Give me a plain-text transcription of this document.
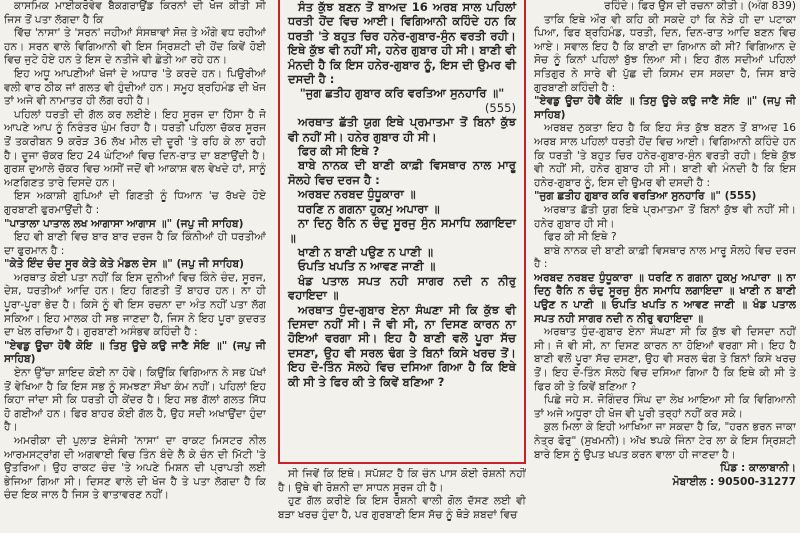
ਕਾਸਮਿਕ ਮਾਈਕਰੋਵੇਵ ਬੈਕਗਰਾਉਂਡ ਕਿਰਨਾਂ ਦੀ ਖੋਜ ਕੀਤੀ ਸੀ ਜਿਸ ਤੋਂ ਪਤਾ ਲੱਗਦਾ ਹੈ ਕਿ

ਵਿੱਚ 'ਨਾਸਾ' ਤੇ 'ਸਰਨ' ਜਹੀਆਂ ਸੰਸਥਾਵਾਂ ਸੋਜ਼ ਤੇ ਔਗੇ ਵਧ ਰਹੀਆਂ ਹਨ। ਸਰਨ ਵਾਲੇ ਵਿਗਿਆਨੀ ਵੀ ਇਸ ਸ੍ਰਿਸ਼ਟੀ ਦੀ ਹੋਂਦ ਕਿਵੇਂ ਹੋਈ ਵਿਚ ਜੁਟੇ ਹੋਏ ਹਨ ਤੇ ਇਸ ਦੇ ਨਤੀਜੇ ਵੀ ਛੇਤੀ ਆ ਰਹੇ ਹਨ।

ਇਹ ਅਧੂ ਆਪਣੀਆਂ ਖੋਜਾਂ ਦੇ ਅਧਾਰ 'ਤੇ ਕਰਦੇ ਹਨ। ਪਿਉਰੀਆਂ ਵਲੀ ਵਾਰ ਠੀਕ ਜਾਂ ਗਲਤ ਵੀ ਹੁੰਦੀਆਂ ਹਨ। ਸਮੂਹ ਬ੍ਰਹਿਮੰਡ ਦੀ ਖੋਜ ਤਾਂ ਅਜੇ ਵੀ ਨਾਮਾਤਰ ਹੀ ਲੱਗ ਰਹੀ ਹੈ।

ਪਹਿਲਾਂ ਧਰਤੀ ਦੀ ਗੱਲ ਕਰ ਲਈਏ। ਇਹ ਸੂਰਜ ਦਾ ਹਿੱਸਾ ਹੈ ਜੋ ਆਪਣੇ ਆਪ ਨੂੰ ਨਿਰੰਤਰ ਘੁੰਮ ਰਿਹਾ ਹੈ। ਧਰਤੀ ਪਹਿਲਾ ਚੱਕਰ ਸੂਰਜ ਤੋਂ ਤਕਰੀਬਨ 9 ਕਰੋੜ 36 ਲੱਖ ਮੀਲ ਦੀ ਦੂਰੀ 'ਤੇ ਰਹਿ ਕੇ ਲਾ ਰਹੀ ਹੈ। ਦੂਜਾ ਚੱਕਰ ਇਹ 24 ਘੰਟਿਆਂ ਵਿਚ ਦਿਨ-ਰਾਤ ਦਾ ਬਣਾਉਂਦੀ ਹੈ। ਗੁਰਸ਼ ਦੁਆਲੇ ਚੱਕਰ ਵਿਚ ਅਸੀਂ ਜਦੋਂ ਵੀ ਆਕਾਸ਼ ਵਲ ਵੇਖਦੇ ਹਾਂ, ਸਾਨੂੰ ਅਣਗਿਣਤ ਤਾਰੇ ਦਿਸਦੇ ਹਨ।

ਇਸ ਅਕਾਸ਼ੀ ਗੁਪਿਆਂ ਦੀ ਗਿਣਤੀ ਨੂੰ ਧਿਆਨ 'ਚ ਰੱਖਦੇ ਹੋਏ ਗੁਰਬਾਣੀ ਫੁਰਮਾਉਂਦੀ ਹੈ :

"ਪਾਤਾਲਾ ਪਾਤਾਲ ਲਖ ਆਗਾਸਾ ਆਗਾਸ ॥" (ਜਪੁ ਜੀ ਸਾਹਿਬ)

ਇਹ ਵੀ ਬਾਣੀ ਵਿਚ ਬਾਰ ਬਾਰ ਦਰਜ ਹੈ ਕਿ ਕਿੰਨੀਆਂ ਹੀ ਧਰਤੀਆਂ ਦਾ ਫੁਰਮਾਨ ਹੈ :

"ਕੇਤੇ ਇੰਦ ਚੰਦ ਸੂਰ ਕੇਤੇ ਕੇਤੇ ਮੰਡਲ ਦੇਸ ॥" (ਜਪੁ ਜੀ ਸਾਹਿਬ)

ਅਰਥਾਤ ਕੋਈ ਪਤਾ ਨਹੀਂ ਕਿ ਇਸ ਦੁਨੀਆਂ ਵਿਚ ਕਿੰਨੇ ਚੰਦ, ਸੂਰਜ, ਦੇਸ਼, ਧਰਤੀਆਂ ਆਦਿ ਹਨ। ਇਹ ਗਿਣਤੀ ਤੋਂ ਬਾਹਰ ਹਨ। ਨਾ ਹੀ ਪੂਰਾ-ਪੂਰਾ ਭੇਦ ਹੈ। ਕਿਸੇ ਨੂੰ ਵੀ ਇਸ ਰਚਨਾ ਦਾ ਅੰਤ ਨਹੀਂ ਪਤਾ ਲੱਗ ਸਕਿਆ। ਇਹ ਮਾਲਕ ਹੀ ਸਭ ਜਾਣਦਾ ਹੈ, ਜਿਸ ਨੇ ਇਹ ਪੂਰਾ ਕੁਦਰਤ ਦਾ ਖੇਲ ਰਚਿਆ ਹੈ। ਗੁਰਬਾਣੀ ਅਸੰਭਵ ਕਹਿੰਦੀ ਹੈ :

"ਏਵਡੁ ਊਚਾ ਹੋਵੈ ਕੋਇ ॥ ਤਿਸੁ ਊਚੇ ਕਉ ਜਾਣੈ ਸੋਇ ॥" (ਜਪੁ ਜੀ ਸਾਹਿਬ)

ਏਨਾ ਉੱਚਾ ਸ਼ਾਇਦ ਕੋਈ ਨਾ ਹੋਵੇ। ਕਿਉਂਕਿ ਵਿਗਿਆਨ ਨੇ ਸਭ ਪੱਖਾਂ ਤੋਂ ਵੇਖਿਆ ਹੈ ਕਿ ਇਸ ਸਭ ਨੂੰ ਸਮਝਣਾ ਸੌਖਾ ਕੰਮ ਨਹੀਂ। ਪਹਿਲਾਂ ਇਹ ਕਿਹਾ ਜਾਂਦਾ ਸੀ ਕਿ ਧਰਤੀ ਹੀ ਕੇਂਦਰ ਹੈ। ਇਹ ਸਭ ਗੱਲਾਂ ਗਲਤ ਸਿੱਧ ਹੋ ਗਈਆਂ ਹਨ। ਫਿਰ ਬਾਹਰ ਕੋਈ ਗੱਲ ਹੈ, ਉਹ ਸਦੀ ਅਖਾਉਂਦਾ ਹੁੰਦਾ ਹੈ।

ਅਮਰੀਕਾ ਦੀ ਪੁਲਾੜ ਏਜੰਸੀ 'ਨਾਸਾ' ਦਾ ਰਾਕਟ ਮਿਸਟਰ ਨੀਲ ਆਰਮਸਟ੍ਰਾਂਗ ਦੀ ਅਗਵਾਈ ਵਿਚ ਤਿੰਨ ਬੰਦੇ ਲੈ ਕੇ ਚੰਨ ਦੀ ਮਿੱਟੀ 'ਤੇ ਉਤਰਿਆ। ਉਹ ਰਾਕਟ ਚੰਦ 'ਤੇ ਅਪਣੇ ਮਿਸ਼ਨ ਦੀ ਪ੍ਰਾਪਤੀ ਲਈ ਭੇਜਿਆ ਗਿਆ ਸੀ। ਦਿਸਣ ਵਾਲੇ ਦੀ ਖੋਜ ਹੈ ਤੇ ਪਤਾ ਲੱਗਦਾ ਹੈ ਕਿ ਚੰਦ ਇਕ ਜਾਲ ਹੈ ਜਿਸ ਤੇ ਵਾਤਾਵਰਣ ਨਹੀਂ।

ਸੰਤ ਕੁੱਝ ਬਣਨ ਤੋਂ ਬਾਅਦ 16 ਅਰਬ ਸਾਲ ਪਹਿਲਾਂ ਧਰਤੀ ਹੋਂਦ ਵਿਚ ਆਈ। ਵਿਗਿਆਨੀ ਕਹਿੰਦੇ ਹਨ ਕਿ ਧਰਤੀ 'ਤੇ ਬਹੁਤ ਚਿਰ ਹਨੇਰ-ਗੁਬਾਰ-ਸੁੰਨ ਵਰਤੀ ਰਹੀ। ਇਥੇ ਕੁੱਝ ਵੀ ਨਹੀਂ ਸੀ, ਹਨੇਰ ਗੁਬਾਰ ਹੀ ਸੀ। ਬਾਣੀ ਵੀ ਮੰਨਦੀ ਹੈ ਕਿ ਇਸ ਹਨੇਰ-ਗੁਬਾਰ ਨੂੰ, ਇਸ ਦੀ ਉਮਰ ਵੀ ਦਸਦੀ ਹੈ :

"ਜੁਗ ਛਤੀਹ ਗੁਬਾਰ ਕਰਿ ਵਰਤਿਆ ਸੁਨਹਾਰਿ ॥"

(555)

ਅਰਥਾਤ ਛੱਤੀ ਯੁਗ ਇਥੇ ਪ੍ਰਮਾਤਮਾ ਤੋਂ ਬਿਨਾਂ ਕੁੱਝ ਵੀ ਨਹੀਂ ਸੀ। ਹਨੇਰ ਗੁਬਾਰ ਹੀ ਸੀ।

ਫਿਰ ਕੀ ਸੀ ਇਥੇ ?

ਬਾਬੇ ਨਾਨਕ ਦੀ ਬਾਣੀ ਕਾਫ਼ੀ ਵਿਸਥਾਰ ਨਾਲ ਮਾਰੂ ਸੋਲਹੇ ਵਿਚ ਦਰਜ ਹੈ :

ਅਰਬਦ ਨਰਬਦ ਧੁੰਧੂਕਾਰਾ ॥

ਧਰਣਿ ਨ ਗਗਨਾ ਹੁਕਮੁ ਅਪਾਰਾ ॥

ਨਾ ਦਿਨੁ ਰੈਨਿ ਨ ਚੰਦੁ ਸੂਰਜੁ ਸੁੰਨ ਸਮਾਧਿ ਲਗਾਇਦਾ ॥

ਖਾਣੀ ਨ ਬਾਣੀ ਪਉਣ ਨ ਪਾਣੀ ॥

ਓਪਤਿ ਖਪਤਿ ਨ ਆਵਣ ਜਾਣੀ ॥

ਖੰਡ ਪਤਾਲ ਸਪਤ ਨਹੀ ਸਾਗਰ ਨਦੀ ਨ ਨੀਰੁ ਵਹਾਇਦਾ ॥

ਅਰਥਾਤ ਧੁੰਦ-ਗੁਬਾਰ ਏਨਾ ਸੰਘਣਾ ਸੀ ਕਿ ਕੁੱਝ ਵੀ ਦਿਸਦਾ ਨਹੀਂ ਸੀ। ਜੋ ਵੀ ਸੀ, ਨਾ ਦਿਸਣ ਕਾਰਨ ਨਾ ਹੋਇਆਂ ਵਰਗਾ ਸੀ। ਇਹ ਹੈ ਬਾਣੀ ਵਲੋਂ ਪੂਰਾ ਸੱਚ ਦਸਣਾ, ਉਹ ਵੀ ਸਰਲ ਢੰਗ ਤੇ ਬਿਨਾਂ ਕਿਸੇ ਖਰਚ ਤੋਂ। ਇਹ ਦੋ-ਤਿੰਨ ਸੋਲਹੇ ਵਿਚ ਦਸਿਆ ਗਿਆ ਹੈ ਕਿ ਇਥੇ ਕੀ ਸੀ ਤੇ ਫਿਰ ਕੀ ਤੇ ਕਿਵੇਂ ਬਣਿਆ ?

ਸੀ ਜਿਵੇਂ ਕਿ ਇਥੇ। ਸਪੱਸ਼ਟ ਹੈ ਕਿ ਚੰਨ ਪਾਸ ਕੋਈ ਰੋਸ਼ਨੀ ਨਹੀਂ ਹੈ। ਉਥੇ ਵੀ ਰੋਸ਼ਨੀ ਦਾ ਸਾਧਨ ਸੂਰਜ ਹੀ ਹੈ।

ਹੁਣ ਗੱਲ ਕਰੀਏ ਕਿ ਇਸ ਰੋਸ਼ਨੀ ਵਾਲੀ ਗੋਲ ਦੱਸਣ ਲਈ ਵੀ ਬੜਾ ਖਰਚ ਹੁੰਦਾ ਹੈ, ਪਰ ਗੁਰਬਾਣੀ ਇਸ ਸੱਚ ਨੂੰ ਥੋੜੇ ਸ਼ਬਦਾਂ ਵਿਚ

ਰਹਿੰਦੇ। ਫਿਰ ਉਸ ਦੀ ਰਚਨਾ ਕੀਤੀ। (ਅੰਗ 839)

ਤਾਕਿ ਇਥੇ ਔਰ ਵੀ ਕਹਿ ਕੀ ਸਕਦੇ ਹਾਂ ਕਿ ਨੇੜੇ ਹੀ ਦਾ ਪਟਾਕਾ ਪਿਆ, ਫਿਰ ਬ੍ਰਹਿਮੰਡ, ਧਰਤੀ, ਦਿਨ, ਦਿਨ-ਰਾਤ ਆਦਿ ਬਣਨ ਵਿਚ ਆਏ। ਸਵਾਲ ਇਹ ਹੈ ਕਿ ਬਾਣੀ ਦਾ ਗਿਆਨ ਕੀ ਸੀ? ਵਿਗਿਆਨ ਦੇ ਸੋਚ ਨੂੰ ਕਿਨਾਂ ਪਹਿਲਾਂ ਬੁੱਝ ਲਿਆ ਸੀ। ਇਹ ਗੱਲ ਸਦੀਆਂ ਪਹਿਲਾਂ ਸਤਿਗੁਰ ਨੇ ਸਾਰੇ ਵੀ ਪੁੱਛ ਦੀ ਕਿਸਮ ਦਸ ਸਕਦਾ ਹੈ, ਜਿਸ ਬਾਰੇ ਗੁਰਬਾਣੀ ਕਹਿੰਦੀ ਹੈ :

"ਏਵਡੁ ਊਚਾ ਹੋਵੈ ਕੋਇ ॥ ਤਿਸੁ ਊਚੇ ਕਉ ਜਾਣੈ ਸੋਇ ॥" (ਜਪੁ ਜੀ ਸਾਹਿਬ)

ਅਰਬਦ ਨੁਕਤਾ ਇਹ ਹੈ ਕਿ ਇਹ ਸੰਤ ਕੁੱਝ ਬਣਨ ਤੋਂ ਬਾਅਦ 16 ਅਰਬ ਸਾਲ ਪਹਿਲਾਂ ਧਰਤੀ ਹੋਂਦ ਵਿਚ ਆਈ। ਵਿਗਿਆਨੀ ਕਹਿੰਦੇ ਹਨ ਕਿ ਧਰਤੀ 'ਤੇ ਬਹੁਤ ਚਿਰ ਹਨੇਰ-ਗੁਬਾਰ-ਸੁੰਨ ਵਰਤੀ ਰਹੀ। ਇਥੇ ਕੁੱਝ ਵੀ ਨਹੀਂ ਸੀ, ਹਨੇਰ ਗੁਬਾਰ ਹੀ ਸੀ। ਬਾਣੀ ਵੀ ਮੰਨਦੀ ਹੈ ਕਿ ਇਸ ਹਨੇਰ-ਗੁਬਾਰ ਨੂੰ, ਇਸ ਦੀ ਉਮਰ ਵੀ ਦਸਦੀ ਹੈ :

"ਜੁਗ ਛਤੀਹ ਗੁਬਾਰ ਕਰਿ ਵਰਤਿਆ ਸੁਨਹਾਰਿ ॥" (555)

ਅਰਥਾਤ ਛੱਤੀ ਯੁਗ ਇਥੇ ਪ੍ਰਮਾਤਮਾ ਤੋਂ ਬਿਨਾਂ ਕੁੱਝ ਵੀ ਨਹੀਂ ਸੀ। ਹਨੇਰ ਗੁਬਾਰ ਹੀ ਸੀ।

ਫਿਰ ਕੀ ਸੀ ਇਥੇ ?

ਬਾਬੇ ਨਾਨਕ ਦੀ ਬਾਣੀ ਕਾਫ਼ੀ ਵਿਸਥਾਰ ਨਾਲ ਮਾਰੂ ਸੋਲਹੇ ਵਿਚ ਦਰਜ ਹੈ :

ਅਰਬਦ ਨਰਬਦ ਧੁੰਧੂਕਾਰਾ ॥ ਧਰਣਿ ਨ ਗਗਨਾ ਹੁਕਮੁ ਅਪਾਰਾ ॥ ਨਾ ਦਿਨੁ ਰੈਨਿ ਨ ਚੰਦੁ ਸੂਰਜੁ ਸੁੰਨ ਸਮਾਧਿ ਲਗਾਇਦਾ ॥ ਖਾਣੀ ਨ ਬਾਣੀ ਪਉਣ ਨ ਪਾਣੀ ॥ ਓਪਤਿ ਖਪਤਿ ਨ ਆਵਣ ਜਾਣੀ ॥ ਖੰਡ ਪਤਾਲ ਸਪਤ ਨਹੀ ਸਾਗਰ ਨਦੀ ਨ ਨੀਰੁ ਵਹਾਇਦਾ ॥

ਅਰਥਾਤ ਧੁੰਦ-ਗੁਬਾਰ ਏਨਾ ਸੰਘਣਾ ਸੀ ਕਿ ਕੁੱਝ ਵੀ ਦਿਸਦਾ ਨਹੀਂ ਸੀ। ਜੋ ਵੀ ਸੀ, ਨਾ ਦਿਸਣ ਕਾਰਨ ਨਾ ਹੋਇਆਂ ਵਰਗਾ ਸੀ। ਇਹ ਹੈ ਬਾਣੀ ਵਲੋਂ ਪੂਰਾ ਸੱਚ ਦਸਣਾ, ਉਹ ਵੀ ਸਰਲ ਢੰਗ ਤੇ ਬਿਨਾਂ ਕਿਸੇ ਖਰਚ ਤੋਂ। ਇਹ ਦੋ-ਤਿੰਨ ਸੋਲਹੇ ਵਿਚ ਦਸਿਆ ਗਿਆ ਹੈ ਕਿ ਇਥੇ ਕੀ ਸੀ ਤੇ ਫਿਰ ਕੀ ਤੇ ਕਿਵੇਂ ਬਣਿਆ ?

ਪਿਛੇ ਜਹੇ ਸ. ਜੋਗਿੰਦਰ ਸਿੰਘ ਦਾ ਲੇਖ ਆਇਆ ਸੀ ਕਿ ਵਿਗਿਆਨੀ ਤਾਂ ਅਜੇ ਅਧੂਰਾ ਹੀ ਖੋਜ ਵੀ ਪੂਰੀ ਤਰ੍ਹਾਂ ਨਹੀਂ ਕਰ ਸਕੇ।

ਕੁਲ ਮਿਲਾ ਕੇ ਇਹੀ ਆਖਿਆ ਜਾ ਸਕਦਾ ਹੈ ਕਿ, "ਹਰਨ ਭਰਨ ਜਾਕਾ ਨੇਤ੍ਰ ਫੋਰੁ" (ਸੁਖਮਨੀ)। ਅੱਖ ਝਪਕੇ ਜਿੰਨਾ ਟੇਰ ਲਾ ਕੇ ਇਸ ਸ੍ਰਿਸ਼ਟੀ ਬਾਰੇ ਇਸ ਨੂੰ ਉਪਤ ਖਪਤ ਕਰਨ ਵਾਲਾ ਹੀ ਜਾਣਦਾ ਹੈ।

ਪਿੰਡ : ਕਾਲਾਬਾਨੀ।

ਮੋਬਾਈਲ : 90500-31277
